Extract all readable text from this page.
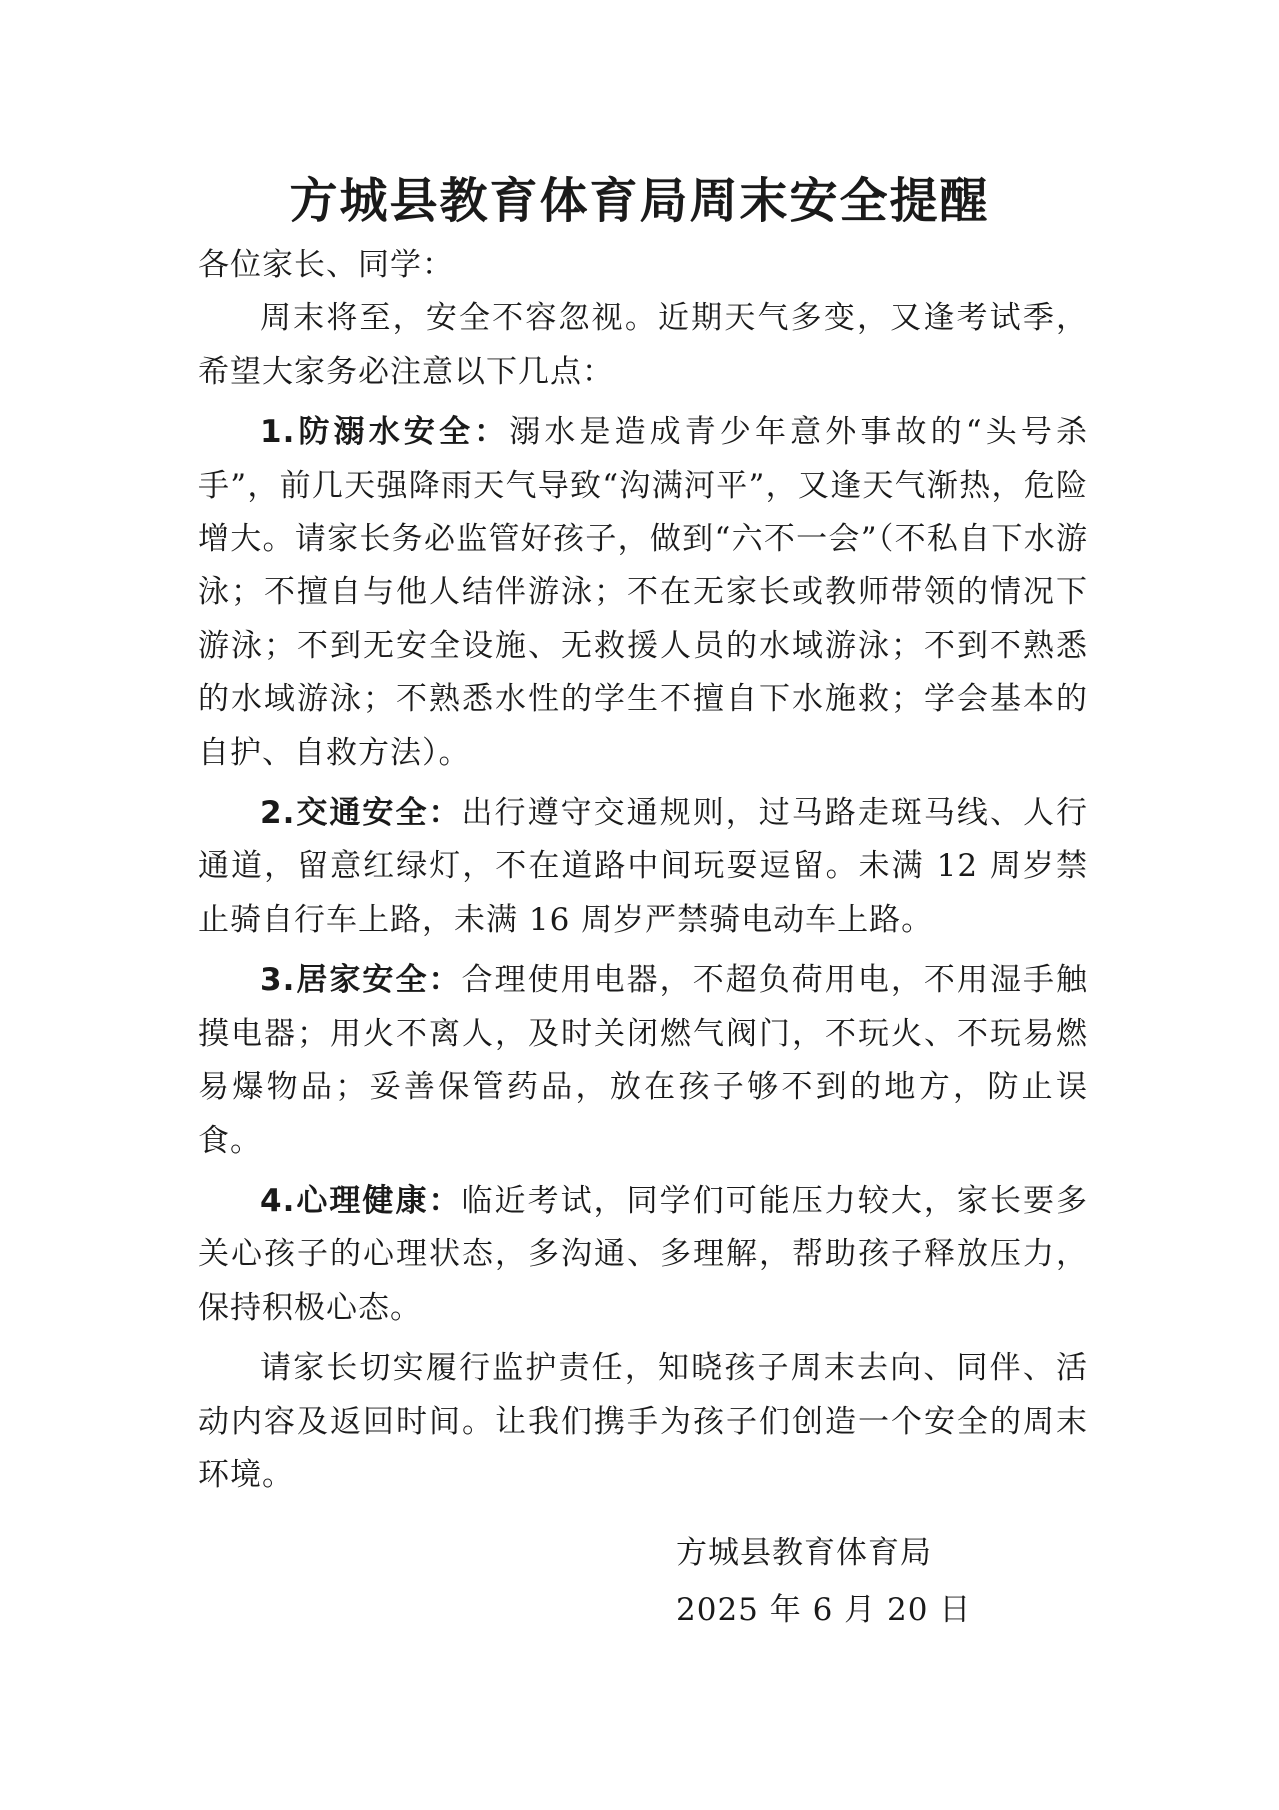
方城县教育体育局周末安全提醒

各位家长、同学：

周末将至，安全不容忽视。近期天气多变，又逢考试季，希望大家务必注意以下几点：

1.防溺水安全：溺水是造成青少年意外事故的“头号杀手”，前几天强降雨天气导致“沟满河平”，又逢天气渐热，危险增大。请家长务必监管好孩子，做到“六不一会”（不私自下水游泳；不擅自与他人结伴游泳；不在无家长或教师带领的情况下游泳；不到无安全设施、无救援人员的水域游泳；不到不熟悉的水域游泳；不熟悉水性的学生不擅自下水施救；学会基本的自护、自救方法）。

2.交通安全：出行遵守交通规则，过马路走斑马线、人行通道，留意红绿灯，不在道路中间玩耍逗留。未满 12 周岁禁止骑自行车上路，未满 16 周岁严禁骑电动车上路。

3.居家安全：合理使用电器，不超负荷用电，不用湿手触摸电器；用火不离人，及时关闭燃气阀门，不玩火、不玩易燃易爆物品；妥善保管药品，放在孩子够不到的地方，防止误食。

4.心理健康：临近考试，同学们可能压力较大，家长要多关心孩子的心理状态，多沟通、多理解，帮助孩子释放压力，保持积极心态。

请家长切实履行监护责任，知晓孩子周末去向、同伴、活动内容及返回时间。让我们携手为孩子们创造一个安全的周末环境。

方城县教育体育局
2025 年 6 月 20 日
